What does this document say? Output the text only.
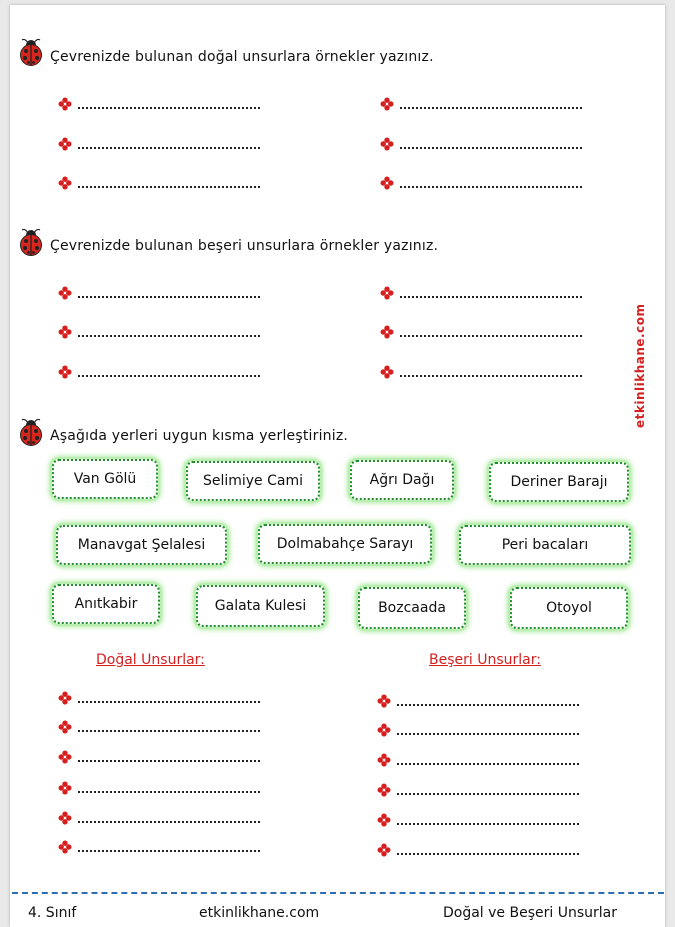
Çevrenizde bulunan doğal unsurlara örnekler yazınız.
Çevrenizde bulunan beşeri unsurlara örnekler yazınız.
etkinlikhane.com
Aşağıda yerleri uygun kısma yerleştiriniz.
Van Gölü	Selimiye Cami	Ağrı Dağı	Deriner Barajı
Manavgat Şelalesi	Dolmabahçe Sarayı	Peri bacaları
Anıtkabir	Galata Kulesi	Bozcaada	Otoyol
Doğal Unsurlar:	Beşeri Unsurlar:
4. Sınıf	etkinlikhane.com	Doğal ve Beşeri Unsurlar
